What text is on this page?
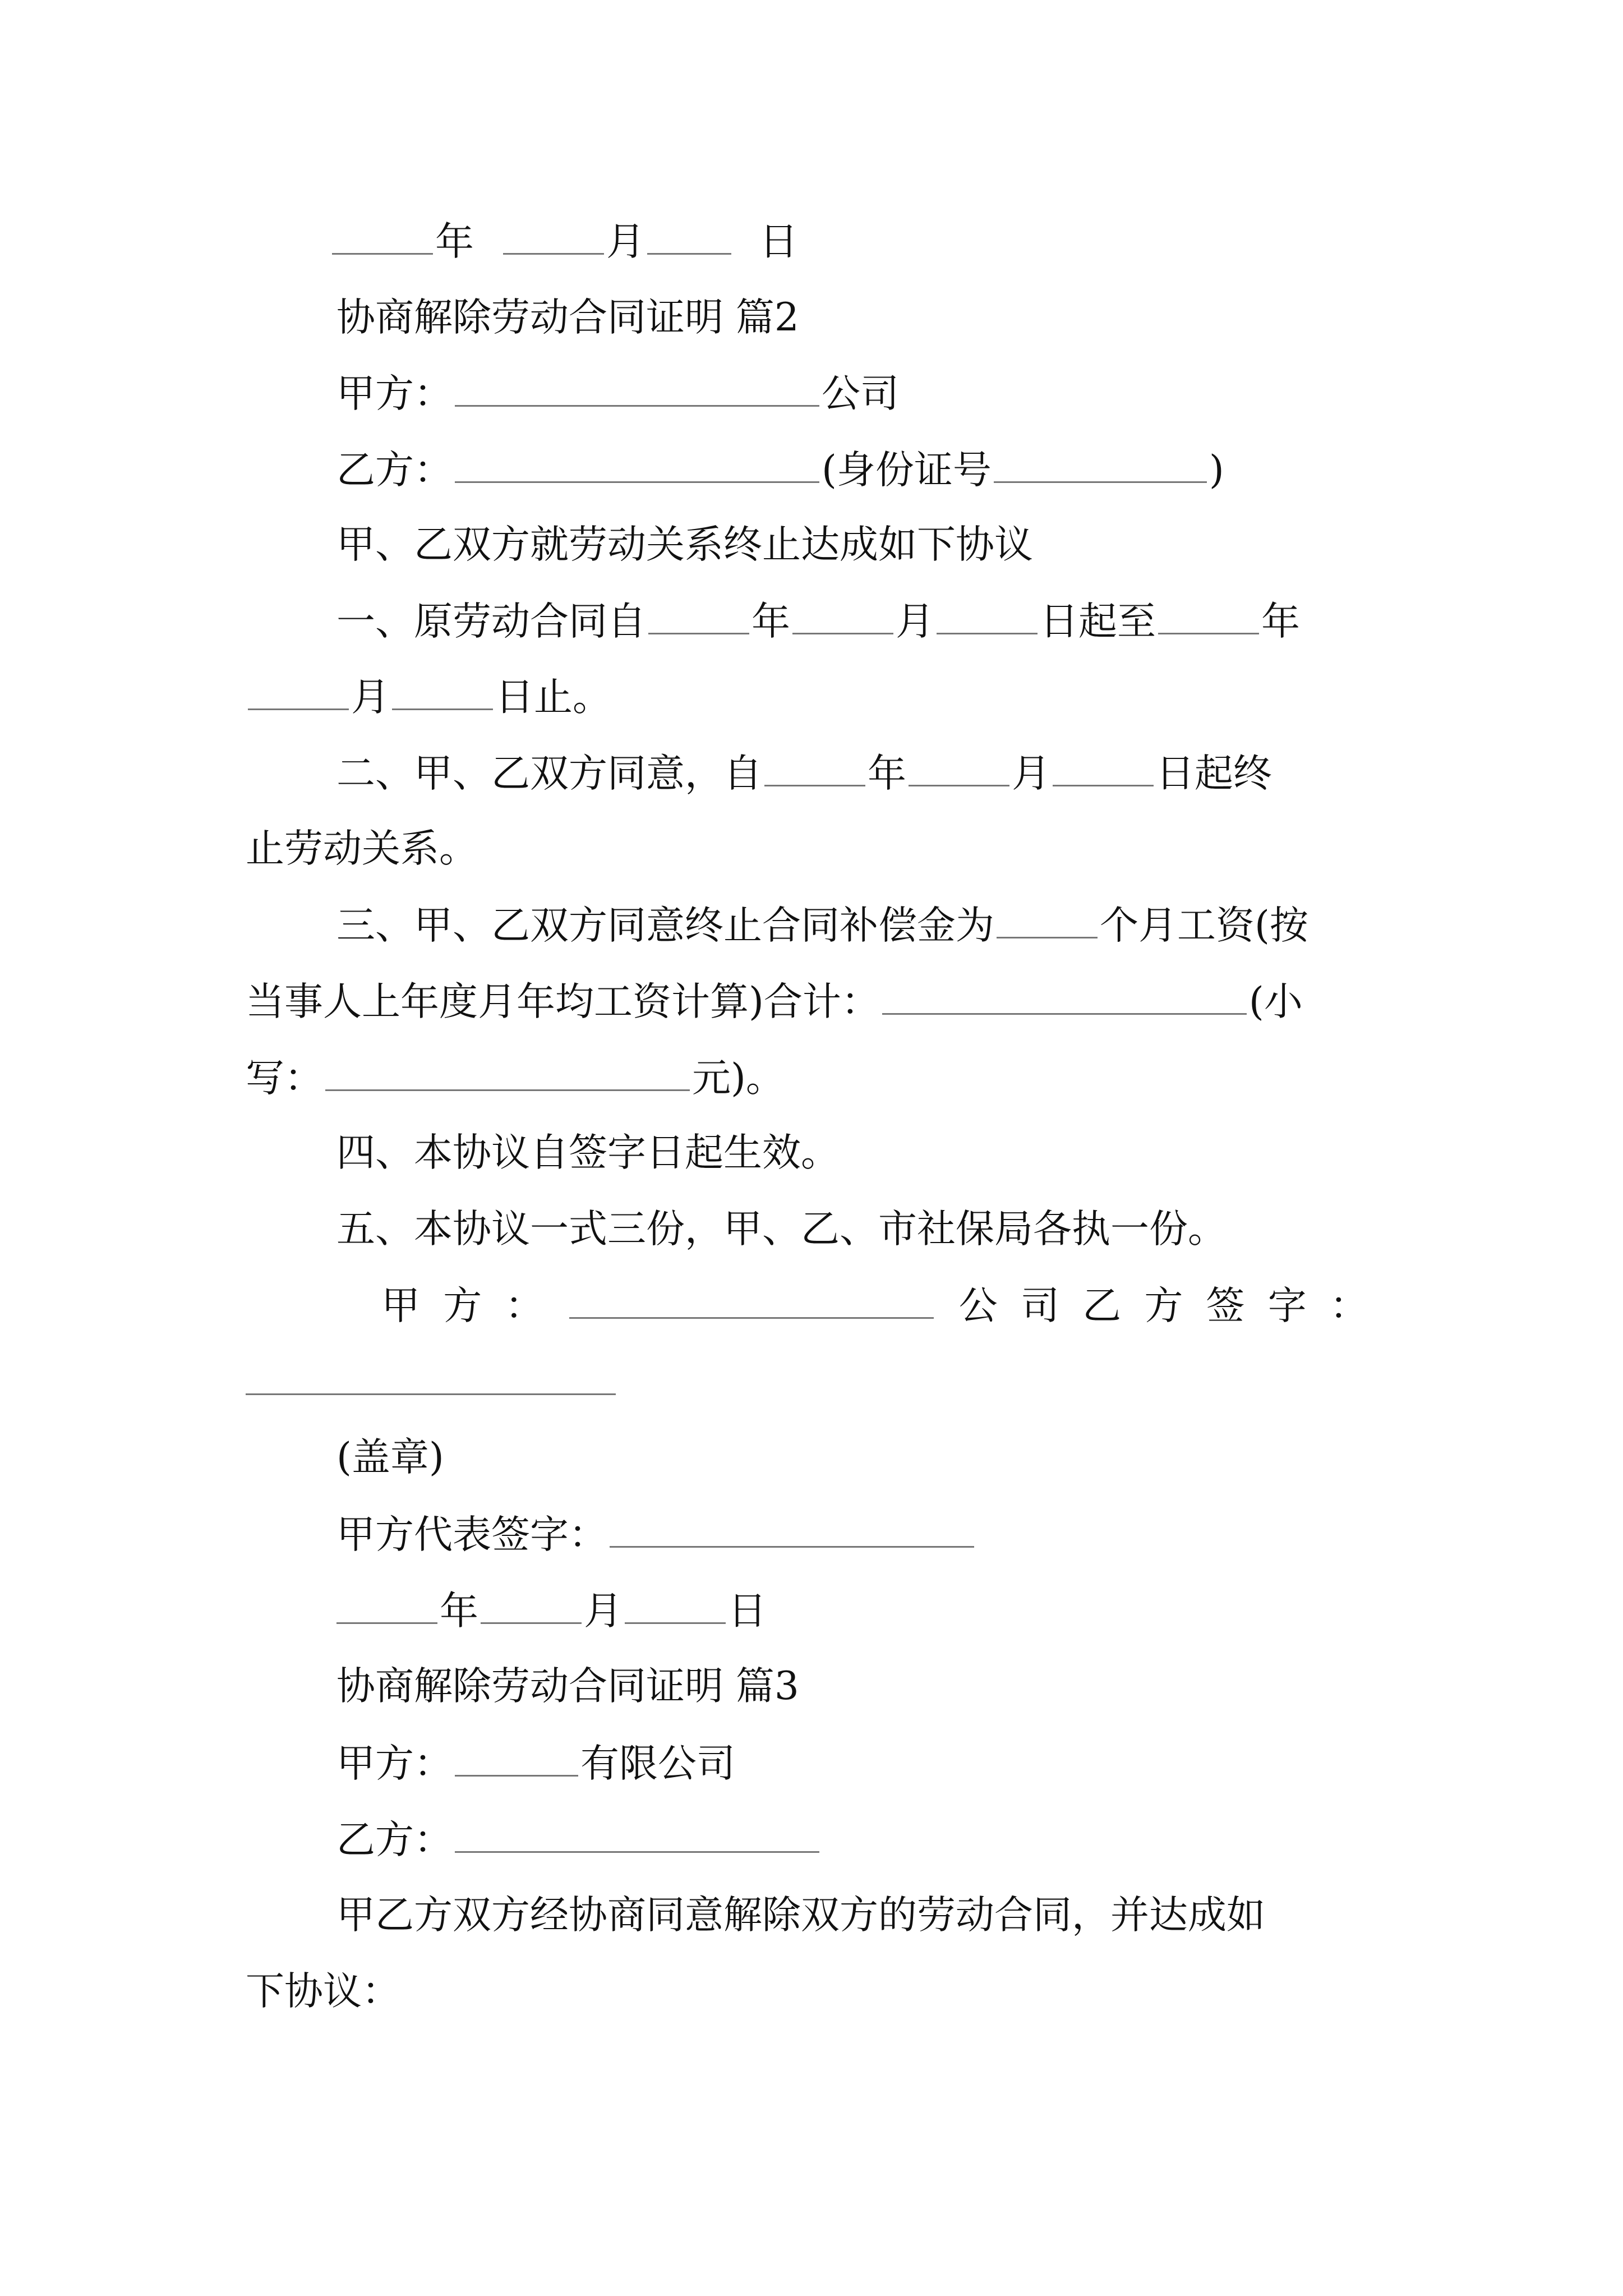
年	月	日
协商解除劳动合同证明 篇2
甲方：	公司
乙方：	(身份证号	)
甲、乙双方就劳动关系终止达成如下协议
一、原劳动合同自	年	月	日起至	年
月	日止。
二、甲、乙双方同意，自	年	月	日起终
止劳动关系。
三、甲、乙双方同意终止合同补偿金为	个月工资(按
当事人上年度月年均工资计算)合计：	(小
写：	元)。
四、本协议自签字日起生效。
五、本协议一式三份，甲、乙、市社保局各执一份。
甲 方 ：	公 司 乙 方 签 字 ：
(盖章)
甲方代表签字：
年	月	日
协商解除劳动合同证明 篇3
甲方：	有限公司
乙方：
甲乙方双方经协商同意解除双方的劳动合同，并达成如
下协议：
